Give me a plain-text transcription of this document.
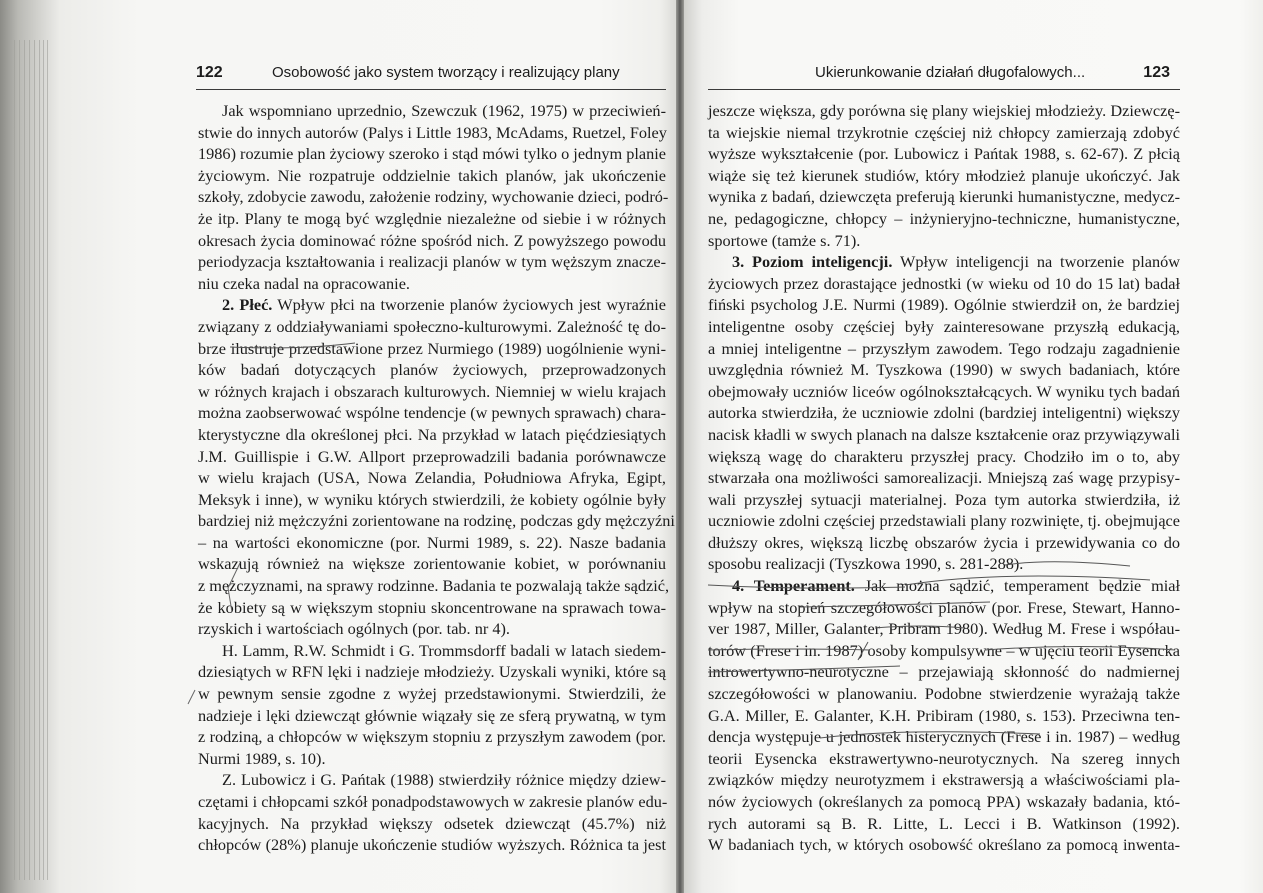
122	Osobowość jako system tworzący i realizujący plany	Ukierunkowanie działań długofalowych...	123
Jak wspomniano uprzednio, Szewczuk (1962, 1975) w przeciwień-
stwie do innych autorów (Palys i Little 1983, McAdams, Ruetzel, Foley
1986) rozumie plan życiowy szeroko i stąd mówi tylko o jednym planie
życiowym. Nie rozpatruje oddzielnie takich planów, jak ukończenie
szkoły, zdobycie zawodu, założenie rodziny, wychowanie dzieci, podró-
że itp. Plany te mogą być względnie niezależne od siebie i w różnych
okresach życia dominować różne spośród nich. Z powyższego powodu
periodyzacja kształtowania i realizacji planów w tym węższym znacze-
niu czeka nadal na opracowanie.
2. Płeć. Wpływ płci na tworzenie planów życiowych jest wyraźnie
związany z oddziaływaniami społeczno-kulturowymi. Zależność tę do-
brze ilustruje przedstawione przez Nurmiego (1989) uogólnienie wyni-
ków badań dotyczących planów życiowych, przeprowadzonych
w różnych krajach i obszarach kulturowych. Niemniej w wielu krajach
można zaobserwować wspólne tendencje (w pewnych sprawach) chara-
kterystyczne dla określonej płci. Na przykład w latach pięćdziesiątych
J.M. Guillispie i G.W. Allport przeprowadzili badania porównawcze
w wielu krajach (USA, Nowa Zelandia, Południowa Afryka, Egipt,
Meksyk i inne), w wyniku których stwierdzili, że kobiety ogólnie były
bardziej niż mężczyźni zorientowane na rodzinę, podczas gdy mężczyźni
– na wartości ekonomiczne (por. Nurmi 1989, s. 22). Nasze badania
wskazują również na większe zorientowanie kobiet, w porównaniu
z mężczyznami, na sprawy rodzinne. Badania te pozwalają także sądzić,
że kobiety są w większym stopniu skoncentrowane na sprawach towa-
rzyskich i wartościach ogólnych (por. tab. nr 4).
H. Lamm, R.W. Schmidt i G. Trommsdorff badali w latach siedem-
dziesiątych w RFN lęki i nadzieje młodzieży. Uzyskali wyniki, które są
w pewnym sensie zgodne z wyżej przedstawionymi. Stwierdzili, że
nadzieje i lęki dziewcząt głównie wiązały się ze sferą prywatną, w tym
z rodziną, a chłopców w większym stopniu z przyszłym zawodem (por.
Nurmi 1989, s. 10).
Z. Lubowicz i G. Pańtak (1988) stwierdziły różnice między dziew-
czętami i chłopcami szkół ponadpodstawowych w zakresie planów edu-
kacyjnych. Na przykład większy odsetek dziewcząt (45.7%) niż
chłopców (28%) planuje ukończenie studiów wyższych. Różnica ta jest
jeszcze większa, gdy porówna się plany wiejskiej młodzieży. Dziewczę-
ta wiejskie niemal trzykrotnie częściej niż chłopcy zamierzają zdobyć
wyższe wykształcenie (por. Lubowicz i Pańtak 1988, s. 62-67). Z płcią
wiąże się też kierunek studiów, który młodzież planuje ukończyć. Jak
wynika z badań, dziewczęta preferują kierunki humanistyczne, medycz-
ne, pedagogiczne, chłopcy – inżynieryjno-techniczne, humanistyczne,
sportowe (tamże s. 71).
3. Poziom inteligencji. Wpływ inteligencji na tworzenie planów
życiowych przez dorastające jednostki (w wieku od 10 do 15 lat) badał
fiński psycholog J.E. Nurmi (1989). Ogólnie stwierdził on, że bardziej
inteligentne osoby częściej były zainteresowane przyszłą edukacją,
a mniej inteligentne – przyszłym zawodem. Tego rodzaju zagadnienie
uwzględnia również M. Tyszkowa (1990) w swych badaniach, które
obejmowały uczniów liceów ogólnokształcących. W wyniku tych badań
autorka stwierdziła, że uczniowie zdolni (bardziej inteligentni) większy
nacisk kładli w swych planach na dalsze kształcenie oraz przywiązywali
większą wagę do charakteru przyszłej pracy. Chodziło im o to, aby
stwarzała ona możliwości samorealizacji. Mniejszą zaś wagę przypisy-
wali przyszłej sytuacji materialnej. Poza tym autorka stwierdziła, iż
uczniowie zdolni częściej przedstawiali plany rozwinięte, tj. obejmujące
dłuższy okres, większą liczbę obszarów życia i przewidywania co do
sposobu realizacji (Tyszkowa 1990, s. 281-288).
4. Temperament. Jak można sądzić, temperament będzie miał
wpływ na stopień szczegółowości planów (por. Frese, Stewart, Hanno-
ver 1987, Miller, Galanter, Pribram 1980). Według M. Frese i współau-
torów (Frese i in. 1987) osoby kompulsywne – w ujęciu teorii Eysencka
introwertywno-neurotyczne – przejawiają skłonność do nadmiernej
szczegółowości w planowaniu. Podobne stwierdzenie wyrażają także
G.A. Miller, E. Galanter, K.H. Pribiram (1980, s. 153). Przeciwna ten-
dencja występuje u jednostek histerycznych (Frese i in. 1987) – według
teorii Eysencka ekstrawertywno-neurotycznych. Na szereg innych
związków między neurotyzmem i ekstrawersją a właściwościami pla-
nów życiowych (określanych za pomocą PPA) wskazały badania, któ-
rych autorami są B. R. Litte, L. Lecci i B. Watkinson (1992).
W badaniach tych, w których osobowść określano za pomocą inwenta-
